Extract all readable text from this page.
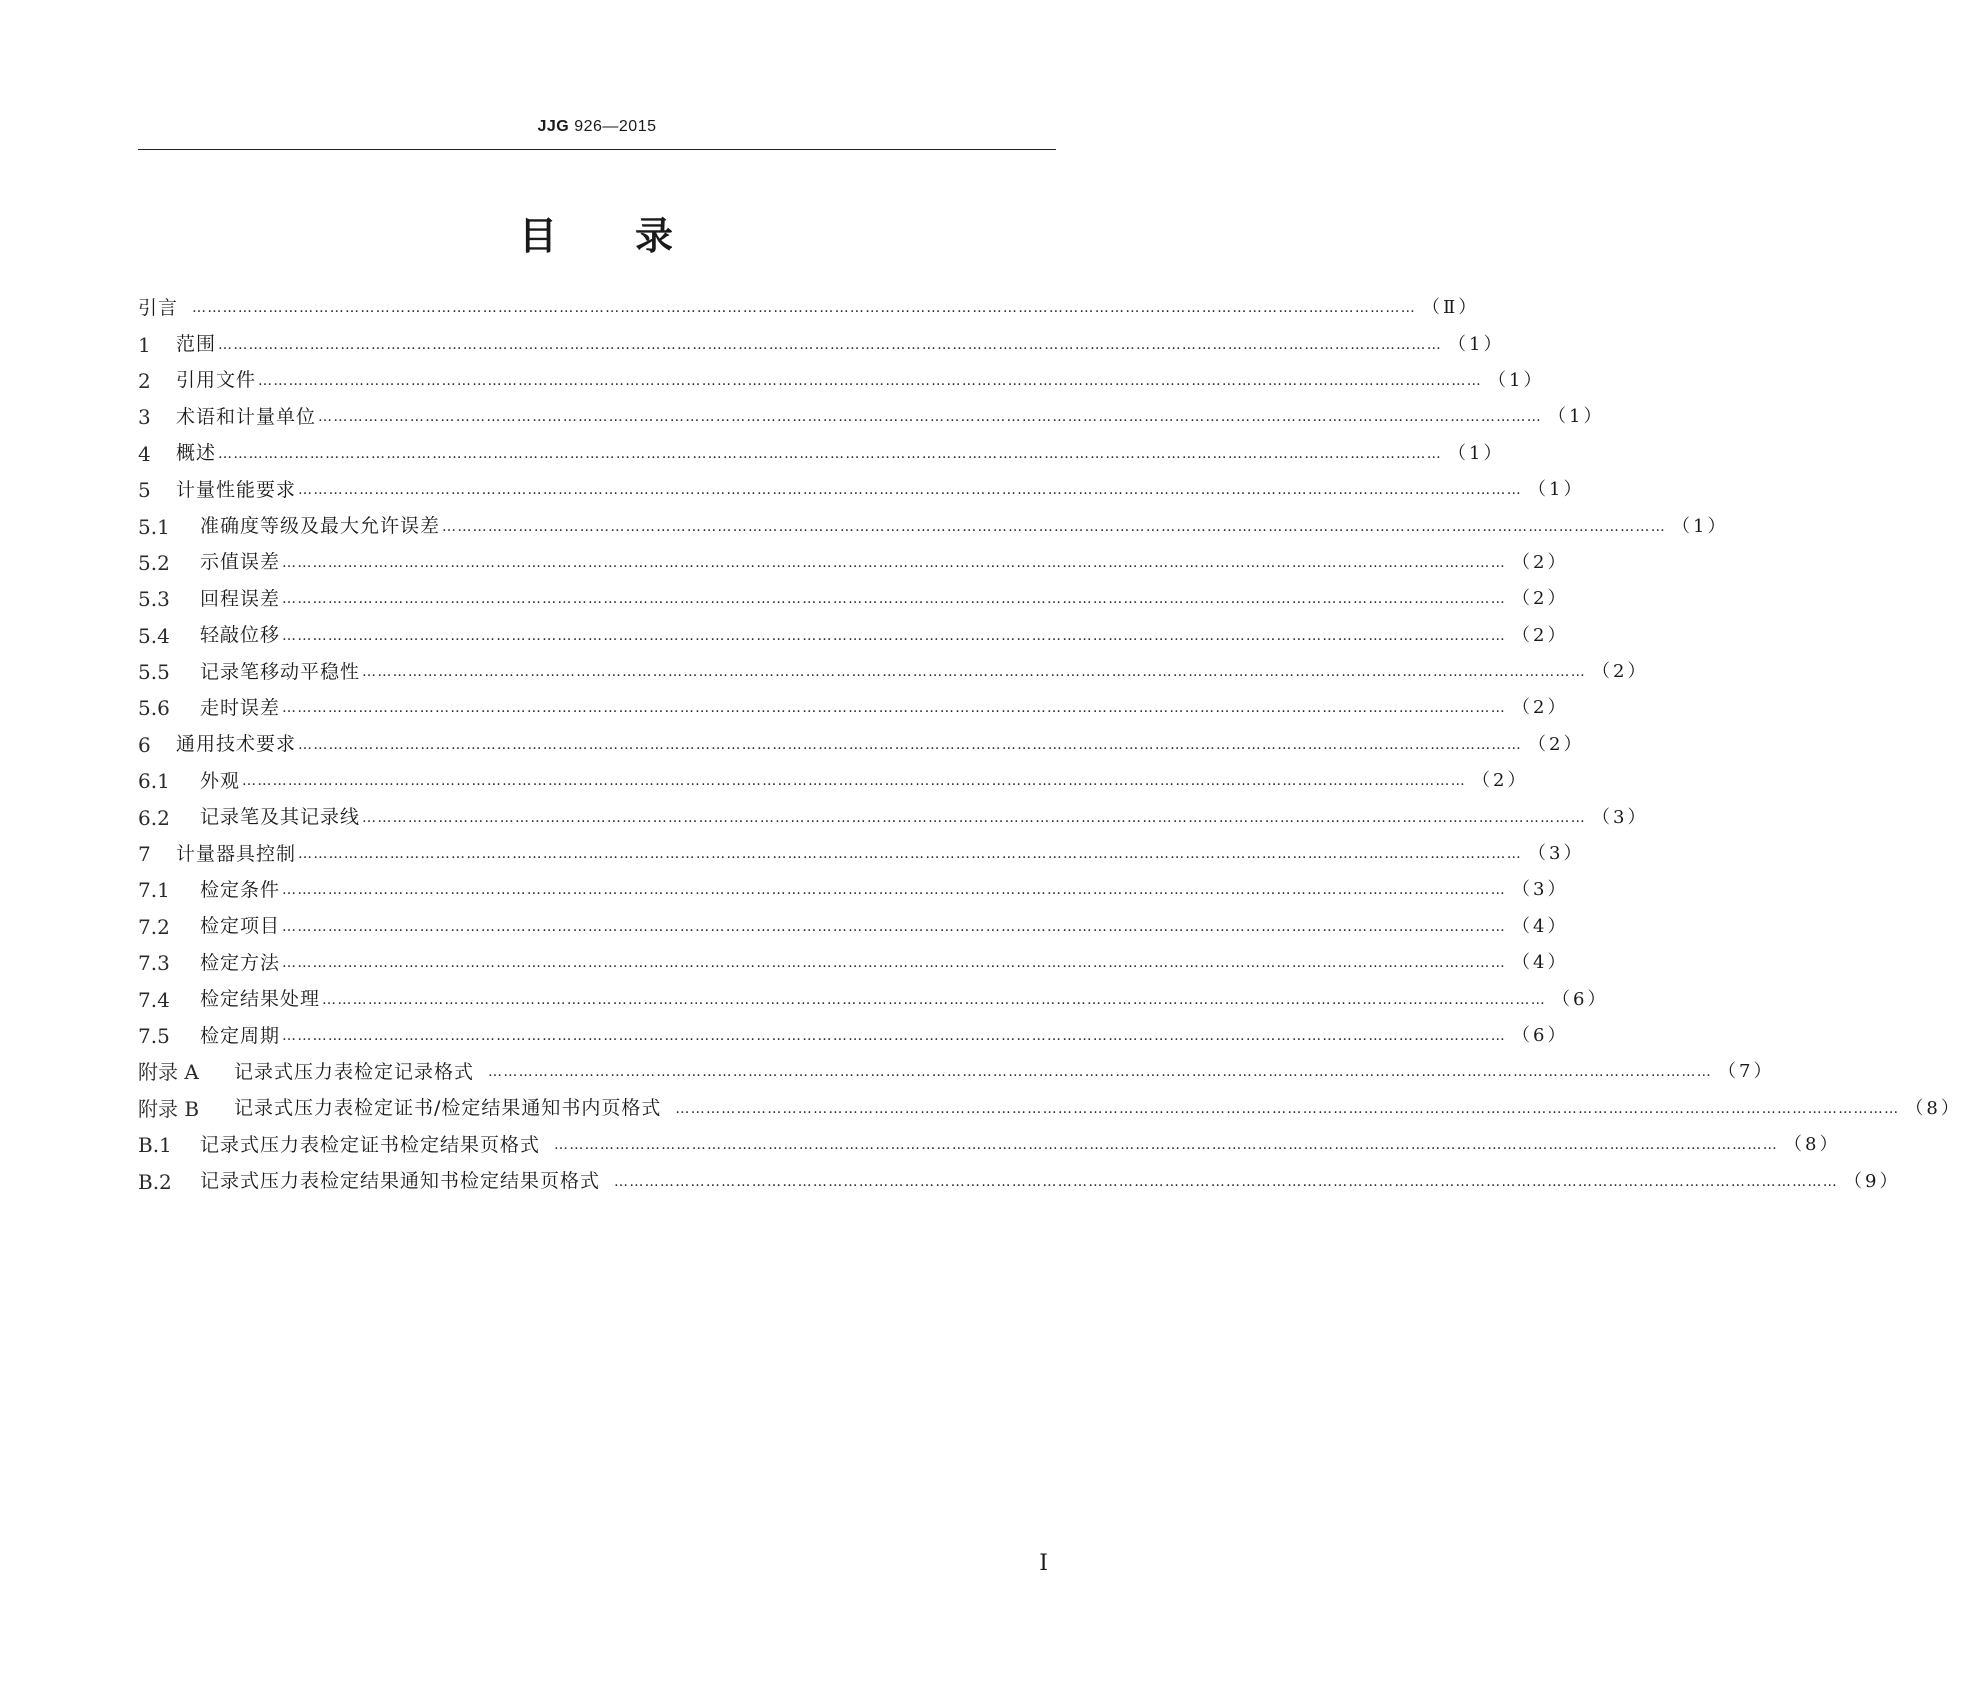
JJG 926—2015
目 录
引言	…………………………………………………………………………………………………………………………………………………………………………………………………………………… （Ⅱ）
1	范围 …………………………………………………………………………………………………………………………………………………………………………………………………………………… （1）
2	引用文件 …………………………………………………………………………………………………………………………………………………………………………………………………………………… （1）
3	术语和计量单位 …………………………………………………………………………………………………………………………………………………………………………………………………………………… （1）
4	概述 …………………………………………………………………………………………………………………………………………………………………………………………………………………… （1）
5	计量性能要求 …………………………………………………………………………………………………………………………………………………………………………………………………………………… （1）
5.1	准确度等级及最大允许误差 …………………………………………………………………………………………………………………………………………………………………………………………………………………… （1）
5.2	示值误差 …………………………………………………………………………………………………………………………………………………………………………………………………………………… （2）
5.3	回程误差 …………………………………………………………………………………………………………………………………………………………………………………………………………………… （2）
5.4	轻敲位移 …………………………………………………………………………………………………………………………………………………………………………………………………………………… （2）
5.5	记录笔移动平稳性 …………………………………………………………………………………………………………………………………………………………………………………………………………………… （2）
5.6	走时误差 …………………………………………………………………………………………………………………………………………………………………………………………………………………… （2）
6	通用技术要求 …………………………………………………………………………………………………………………………………………………………………………………………………………………… （2）
6.1	外观 …………………………………………………………………………………………………………………………………………………………………………………………………………………… （2）
6.2	记录笔及其记录线 …………………………………………………………………………………………………………………………………………………………………………………………………………………… （3）
7	计量器具控制 …………………………………………………………………………………………………………………………………………………………………………………………………………………… （3）
7.1	检定条件 …………………………………………………………………………………………………………………………………………………………………………………………………………………… （3）
7.2	检定项目 …………………………………………………………………………………………………………………………………………………………………………………………………………………… （4）
7.3	检定方法 …………………………………………………………………………………………………………………………………………………………………………………………………………………… （4）
7.4	检定结果处理 …………………………………………………………………………………………………………………………………………………………………………………………………………………… （6）
7.5	检定周期 …………………………………………………………………………………………………………………………………………………………………………………………………………………… （6）
附录 A	记录式压力表检定记录格式	…………………………………………………………………………………………………………………………………………………………………………………………………………………… （7）
附录 B	记录式压力表检定证书/检定结果通知书内页格式	…………………………………………………………………………………………………………………………………………………………………………………………………………………… （8）
B.1	记录式压力表检定证书检定结果页格式	…………………………………………………………………………………………………………………………………………………………………………………………………………………… （8）
B.2	记录式压力表检定结果通知书检定结果页格式	…………………………………………………………………………………………………………………………………………………………………………………………………………………… （9）
Ⅰ
